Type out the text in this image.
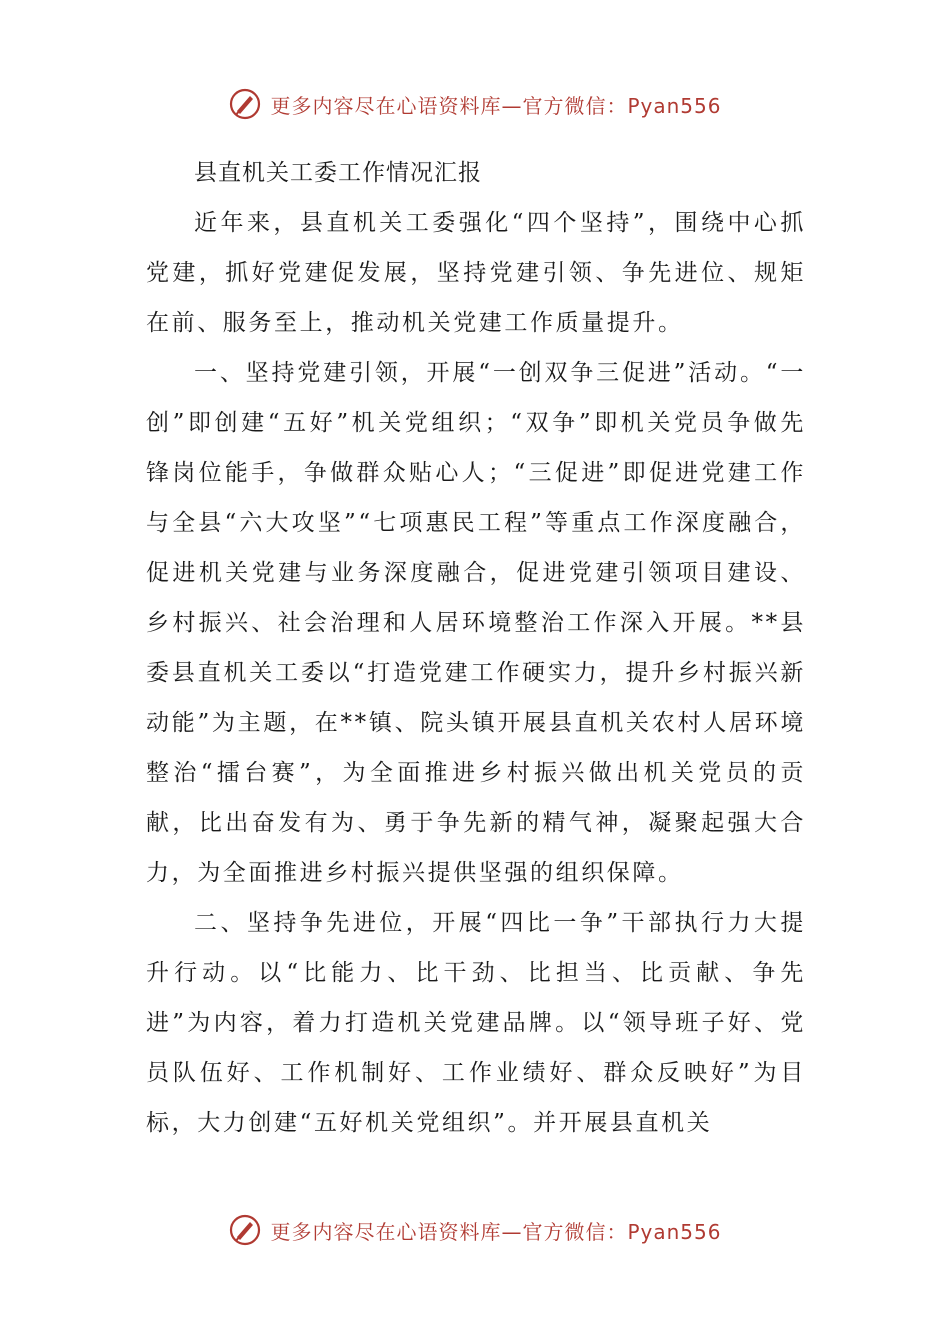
更多内容尽在心语资料库—官方微信：Pyan556
县直机关工委工作情况汇报

近年来，县直机关工委强化“四个坚持”，围绕中心抓党建，抓好党建促发展，坚持党建引领、争先进位、规矩在前、服务至上，推动机关党建工作质量提升。

一、坚持党建引领，开展“一创双争三促进”活动。“一创”即创建“五好”机关党组织；“双争”即机关党员争做先锋岗位能手，争做群众贴心人；“三促进”即促进党建工作与全县“六大攻坚”“七项惠民工程”等重点工作深度融合，促进机关党建与业务深度融合，促进党建引领项目建设、乡村振兴、社会治理和人居环境整治工作深入开展。**县委县直机关工委以“打造党建工作硬实力，提升乡村振兴新动能”为主题，在**镇、院头镇开展县直机关农村人居环境整治“擂台赛”，为全面推进乡村振兴做出机关党员的贡献，比出奋发有为、勇于争先新的精气神，凝聚起强大合力，为全面推进乡村振兴提供坚强的组织保障。

二、坚持争先进位，开展“四比一争”干部执行力大提升行动。以“比能力、比干劲、比担当、比贡献、争先进”为内容，着力打造机关党建品牌。以“领导班子好、党员队伍好、工作机制好、工作业绩好、群众反映好”为目标，大力创建“五好机关党组织”。并开展县直机关

更多内容尽在心语资料库—官方微信：Pyan556
